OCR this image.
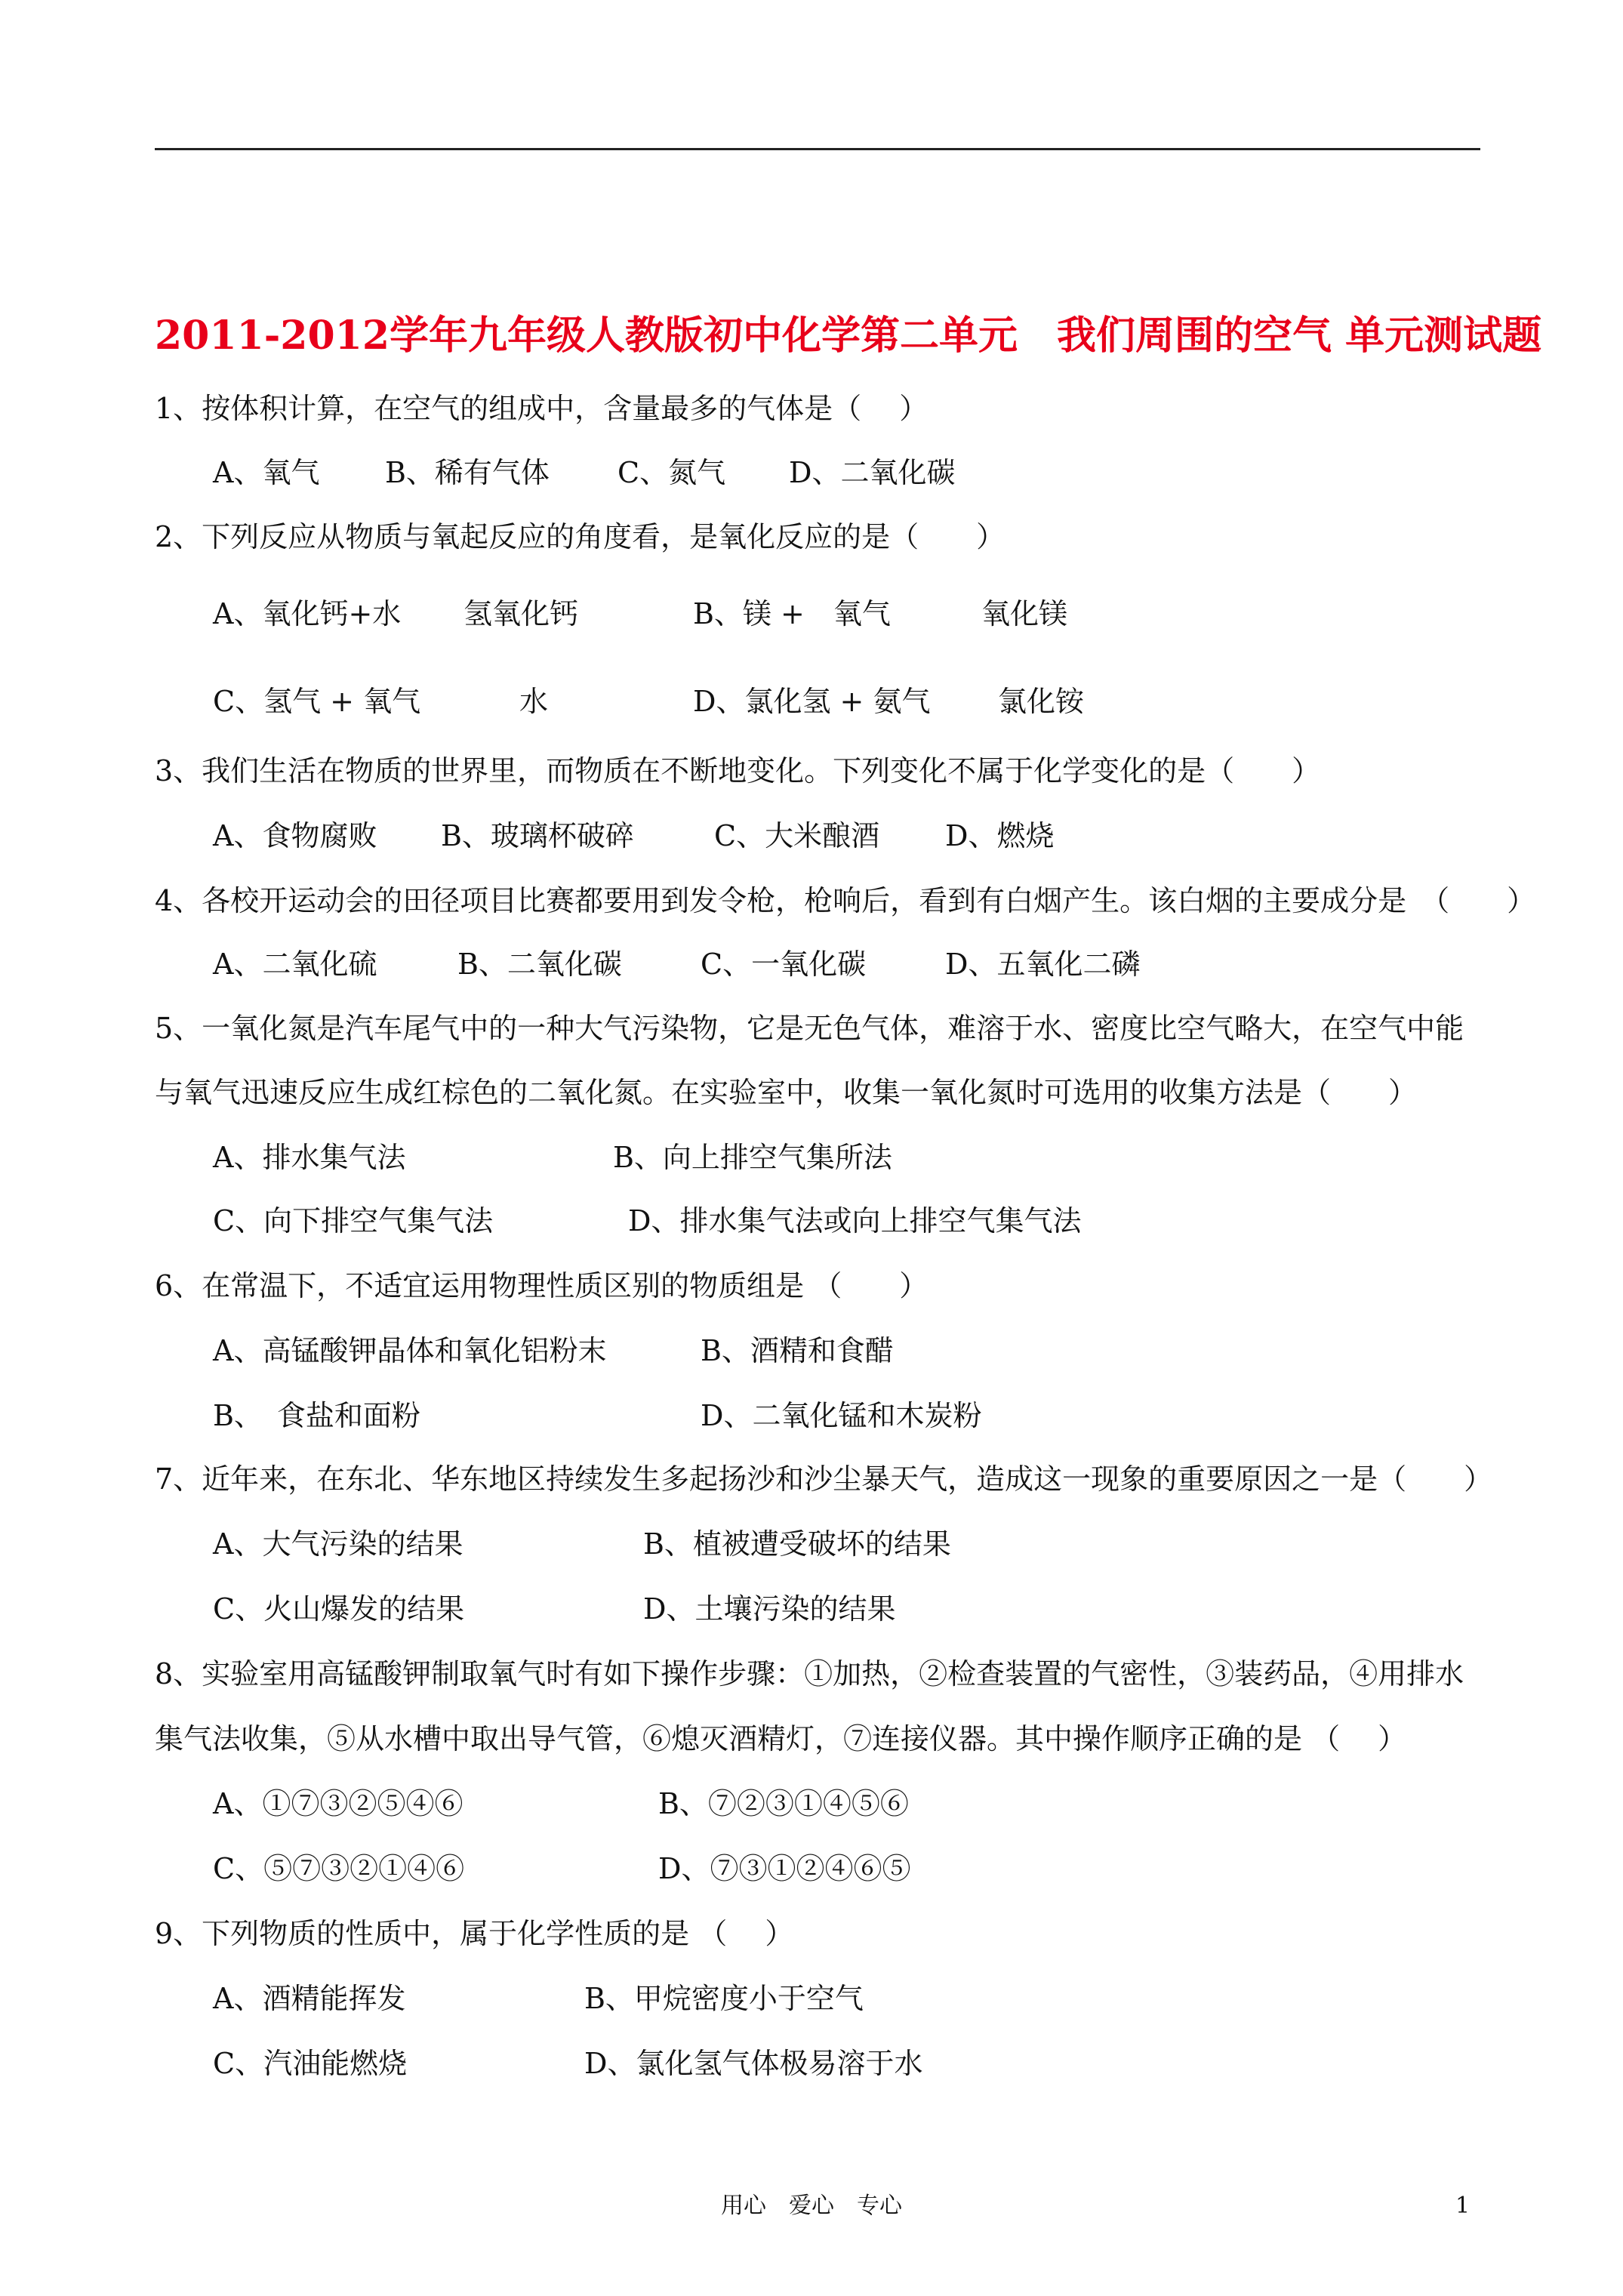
2011-2012学年九年级人教版初中化学第二单元　我们周围的空气 单元测试题
1、按体积计算，在空气的组成中，含量最多的气体是（　 ）
A、氧气 B、稀有气体 C、氮气 D、二氧化碳
2、下列反应从物质与氧起反应的角度看，是氧化反应的是（　　）
A、氧化钙+水 氢氧化钙	B、镁 +　氧气	氧化镁
C、氢气 + 氧气	水	D、氯化氢 + 氨气 氯化铵
3、我们生活在物质的世界里，而物质在不断地变化。下列变化不属于化学变化的是（　　）
A、食物腐败 B、玻璃杯破碎	C、大米酿酒 D、燃烧
4、各校开运动会的田径项目比赛都要用到发令枪，枪响后，看到有白烟产生。该白烟的主要成分是　（　　）
A、二氧化硫	B、二氧化碳	C、一氧化碳	D、五氧化二磷
5、一氧化氮是汽车尾气中的一种大气污染物，它是无色气体，难溶于水、密度比空气略大，在空气中能
与氧气迅速反应生成红棕色的二氧化氮。在实验室中，收集一氧化氮时可选用的收集方法是（　　）
A、排水集气法	B、向上排空气集所法
C、向下排空气集气法	D、排水集气法或向上排空气集气法
6、在常温下，不适宜运用物理性质区别的物质组是 （　　）
A、高锰酸钾晶体和氧化铝粉末	B、酒精和食醋
B、　食盐和面粉	D、二氧化锰和木炭粉
7、近年来，在东北、华东地区持续发生多起扬沙和沙尘暴天气，造成这一现象的重要原因之一是（　　）
A、大气污染的结果	B、植被遭受破坏的结果
C、火山爆发的结果	D、土壤污染的结果
8、实验室用高锰酸钾制取氧气时有如下操作步骤：①加热，②检查装置的气密性，③装药品，④用排水
集气法收集，⑤从水槽中取出导气管，⑥熄灭酒精灯，⑦连接仪器。其中操作顺序正确的是 （　 ）
A、①⑦③②⑤④⑥	B、⑦②③①④⑤⑥
C、⑤⑦③②①④⑥	D、⑦③①②④⑥⑤
9、下列物质的性质中，属于化学性质的是 （　 ）
A、酒精能挥发	B、甲烷密度小于空气
C、汽油能燃烧	D、氯化氢气体极易溶于水
用心　爱心　专心	1
